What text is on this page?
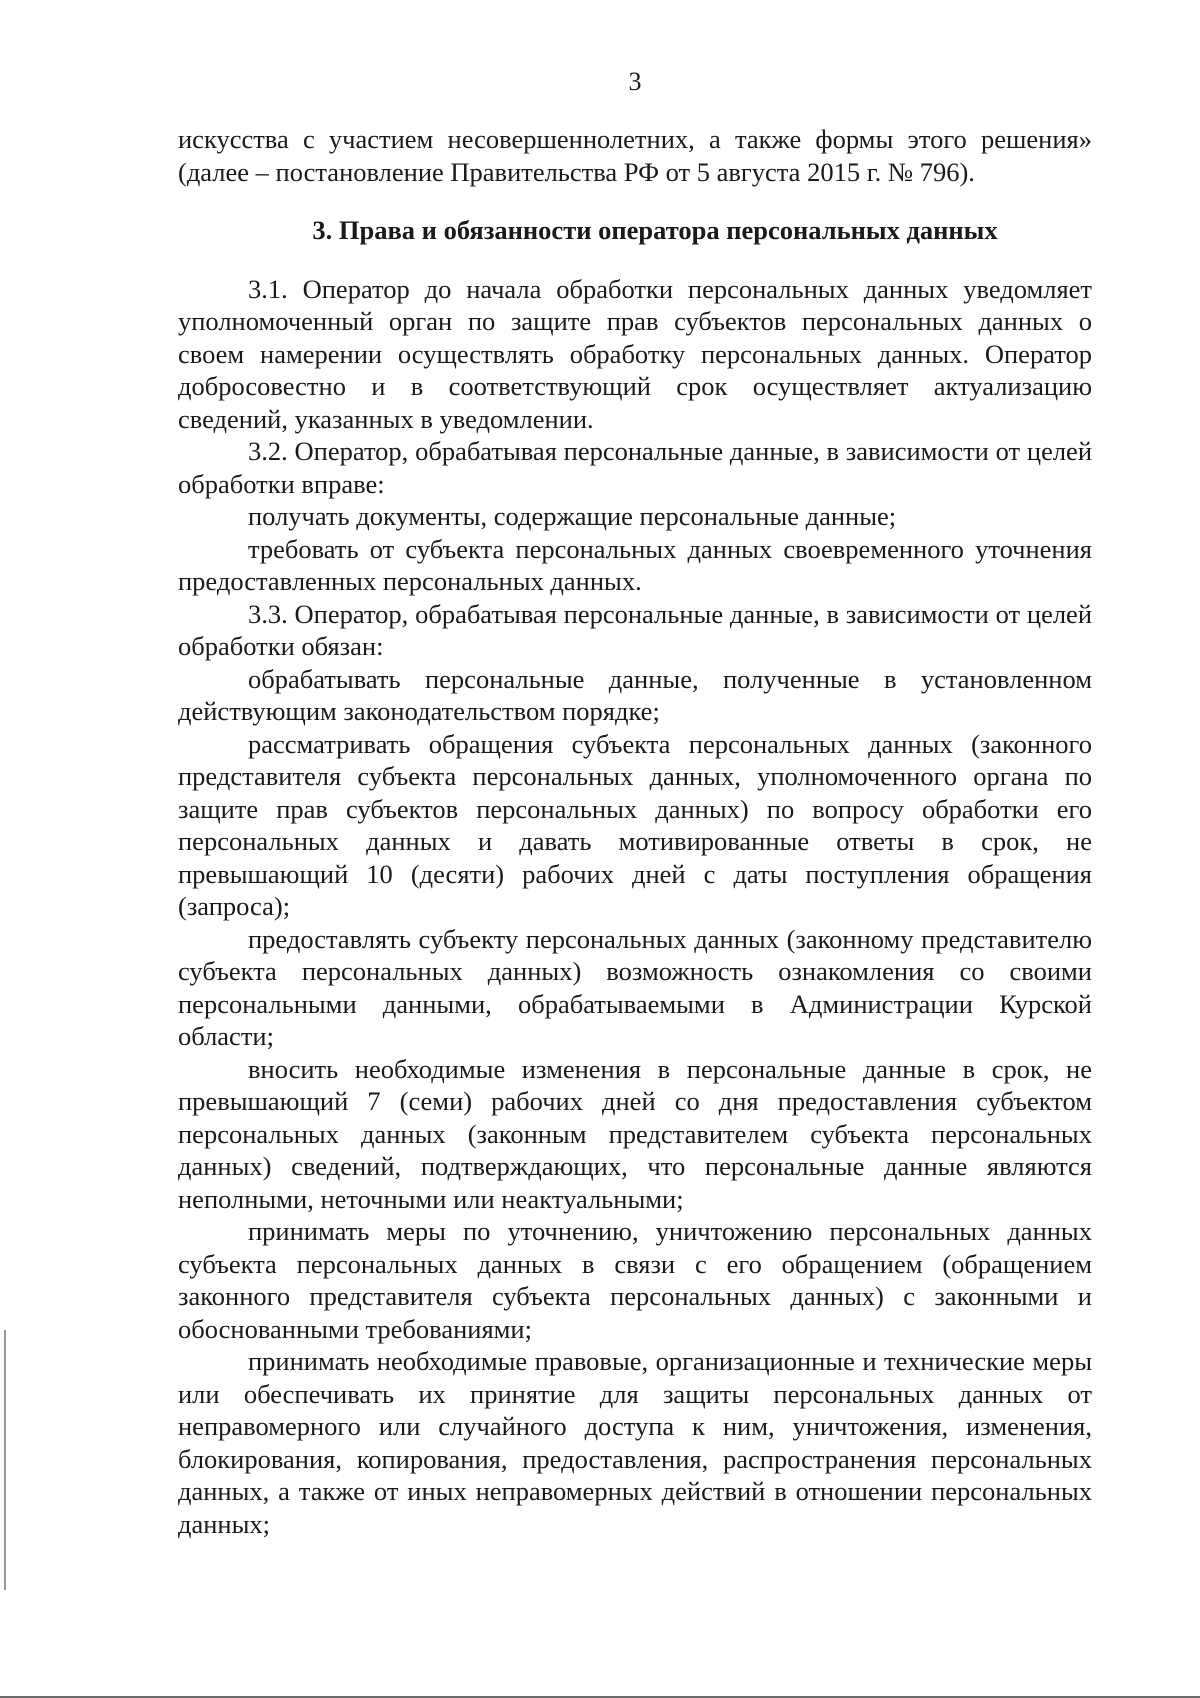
3

искусства с участием несовершеннолетних, а также формы этого решения» (далее – постановление Правительства РФ от 5 августа 2015 г. № 796).

3. Права и обязанности оператора персональных данных

3.1. Оператор до начала обработки персональных данных уведомляет уполномоченный орган по защите прав субъектов персональных данных о своем намерении осуществлять обработку персональных данных. Оператор добросовестно и в соответствующий срок осуществляет актуализацию сведений, указанных в уведомлении.

3.2. Оператор, обрабатывая персональные данные, в зависимости от целей обработки вправе:

получать документы, содержащие персональные данные;

требовать от субъекта персональных данных своевременного уточнения предоставленных персональных данных.

3.3. Оператор, обрабатывая персональные данные, в зависимости от целей обработки обязан:

обрабатывать персональные данные, полученные в установленном действующим законодательством порядке;

рассматривать обращения субъекта персональных данных (законного представителя субъекта персональных данных, уполномоченного органа по защите прав субъектов персональных данных) по вопросу обработки его персональных данных и давать мотивированные ответы в срок, не превышающий 10 (десяти) рабочих дней с даты поступления обращения (запроса);

предоставлять субъекту персональных данных (законному представителю субъекта персональных данных) возможность ознакомления со своими персональными данными, обрабатываемыми в Администрации Курской области;

вносить необходимые изменения в персональные данные в срок, не превышающий 7 (семи) рабочих дней со дня предоставления субъектом персональных данных (законным представителем субъекта персональных данных) сведений, подтверждающих, что персональные данные являются неполными, неточными или неактуальными;

принимать меры по уточнению, уничтожению персональных данных субъекта персональных данных в связи с его обращением (обращением законного представителя субъекта персональных данных) с законными и обоснованными требованиями;

принимать необходимые правовые, организационные и технические меры или обеспечивать их принятие для защиты персональных данных от неправомерного или случайного доступа к ним, уничтожения, изменения, блокирования, копирования, предоставления, распространения персональных данных, а также от иных неправомерных действий в отношении персональных данных;
